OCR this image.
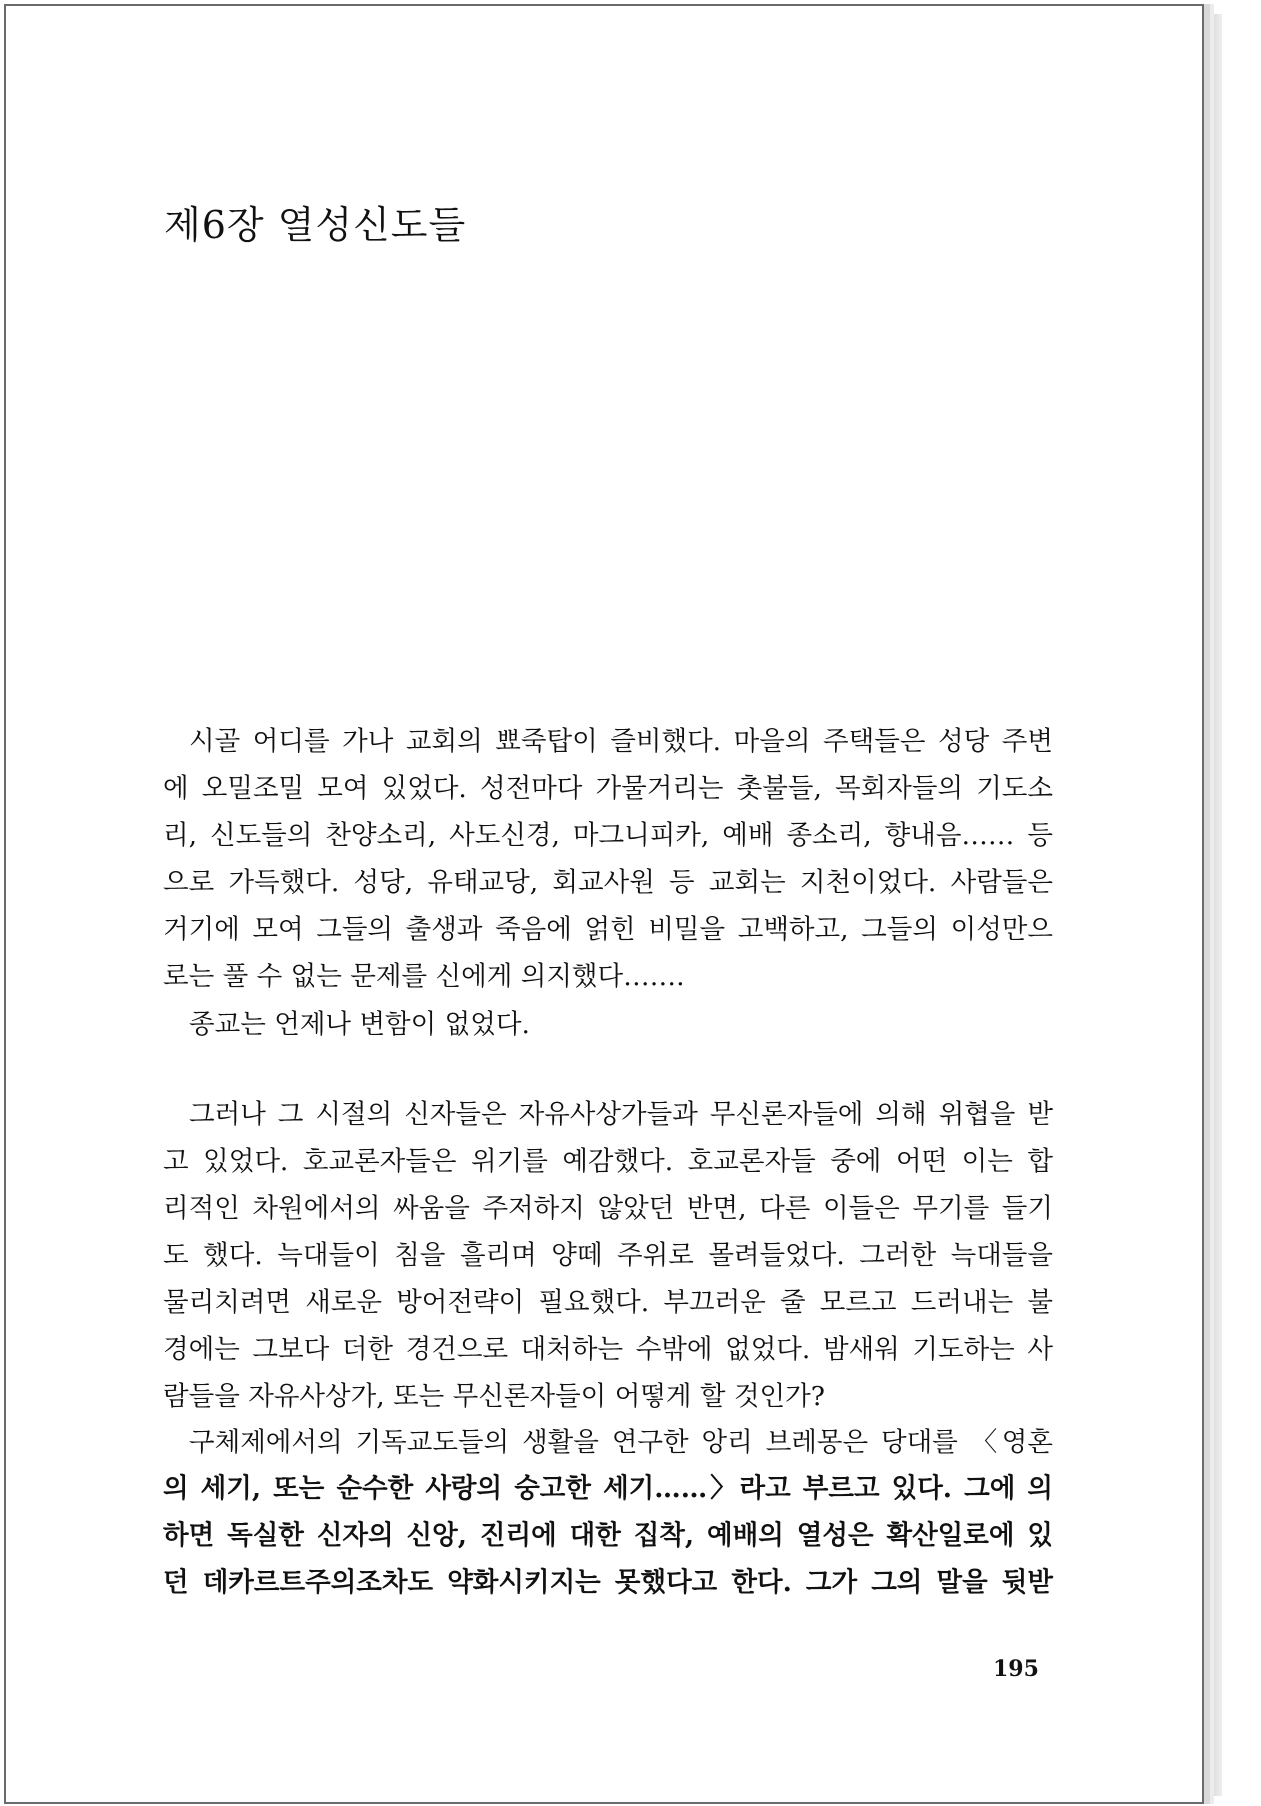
제6장 열성신도들

시골 어디를 가나 교회의 뾰죽탑이 즐비했다. 마을의 주택들은 성당 주변
에 오밀조밀 모여 있었다. 성전마다 가물거리는 촛불들, 목회자들의 기도소
리, 신도들의 찬양소리, 사도신경, 마그니피카, 예배 종소리, 향내음…… 등
으로 가득했다. 성당, 유태교당, 회교사원 등 교회는 지천이었다. 사람들은
거기에 모여 그들의 출생과 죽음에 얽힌 비밀을 고백하고, 그들의 이성만으
로는 풀 수 없는 문제를 신에게 의지했다…….

종교는 언제나 변함이 없었다.

그러나 그 시절의 신자들은 자유사상가들과 무신론자들에 의해 위협을 받
고 있었다. 호교론자들은 위기를 예감했다. 호교론자들 중에 어떤 이는 합
리적인 차원에서의 싸움을 주저하지 않았던 반면, 다른 이들은 무기를 들기
도 했다. 늑대들이 침을 흘리며 양떼 주위로 몰려들었다. 그러한 늑대들을
물리치려면 새로운 방어전략이 필요했다. 부끄러운 줄 모르고 드러내는 불
경에는 그보다 더한 경건으로 대처하는 수밖에 없었다. 밤새워 기도하는 사
람들을 자유사상가, 또는 무신론자들이 어떻게 할 것인가?

구체제에서의 기독교도들의 생활을 연구한 앙리 브레몽은 당대를 〈영혼

의 세기, 또는 순수한 사랑의 숭고한 세기……〉라고 부르고 있다. 그에 의
하면 독실한 신자의 신앙, 진리에 대한 집착, 예배의 열성은 확산일로에 있
던 데카르트주의조차도 약화시키지는 못했다고 한다. 그가 그의 말을 뒷받

195
